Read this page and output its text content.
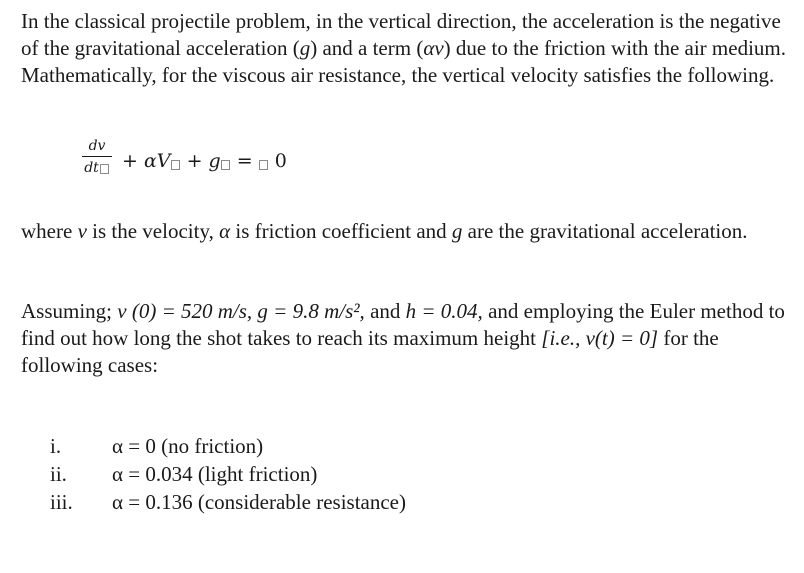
In the classical projectile problem, in the vertical direction, the acceleration is the negative of the gravitational acceleration (g) and a term (αv) due to the friction with the air medium. Mathematically, for the viscous air resistance, the vertical velocity satisfies the following.

dv
dt	+ αV + g =  0

where v is the velocity, α is friction coefficient and g are the gravitational acceleration.

Assuming; v (0) = 520 m/s, g = 9.8 m/s², and h = 0.04, and employing the Euler method to find out how long the shot takes to reach its maximum height [i.e., v(t) = 0] for the following cases:

i.	α = 0 (no friction)
ii.	α = 0.034 (light friction)
iii.	α = 0.136 (considerable resistance)
